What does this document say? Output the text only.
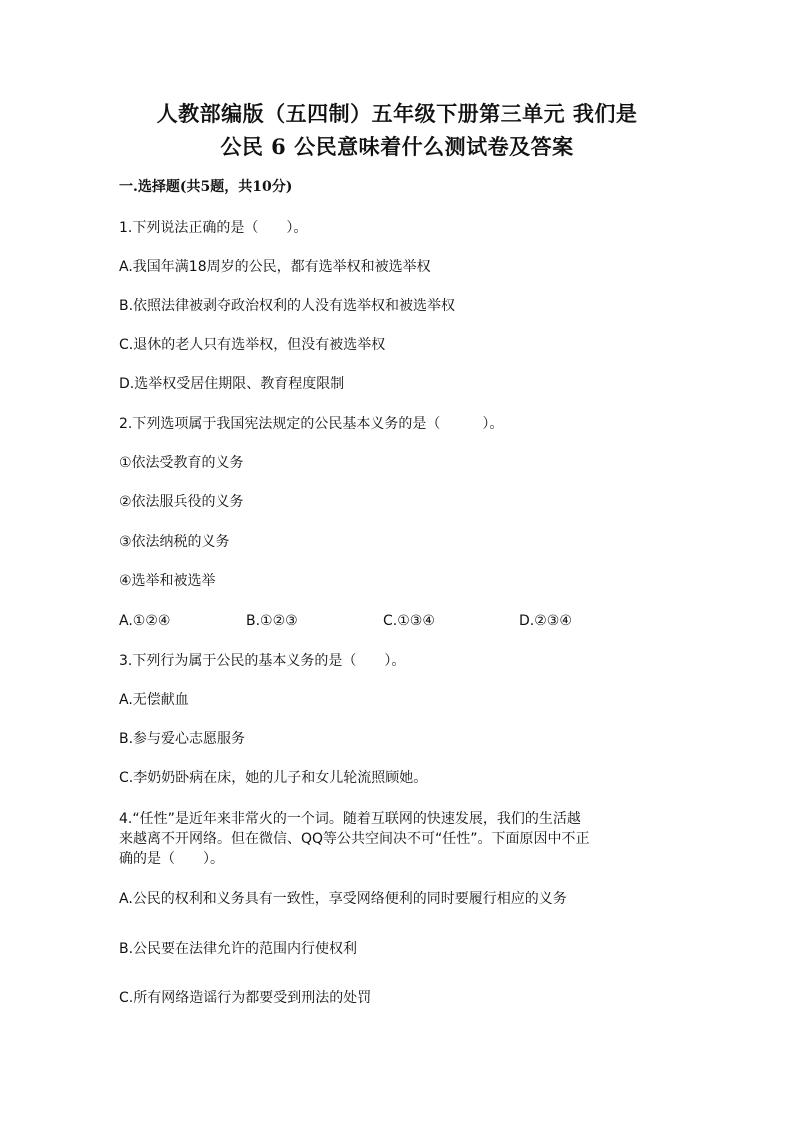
人教部编版（五四制）五年级下册第三单元 我们是
公民 6 公民意味着什么测试卷及答案
一.选择题(共5题，共10分)
1.下列说法正确的是（　　）。
A.我国年满18周岁的公民，都有选举权和被选举权
B.依照法律被剥夺政治权利的人没有选举权和被选举权
C.退休的老人只有选举权，但没有被选举权
D.选举权受居住期限、教育程度限制
2.下列选项属于我国宪法规定的公民基本义务的是（　　　）。
①依法受教育的义务
②依法服兵役的义务
③依法纳税的义务
④选举和被选举
A.①②④	B.①②③	C.①③④	D.②③④
3.下列行为属于公民的基本义务的是（　　）。
A.无偿献血
B.参与爱心志愿服务
C.李奶奶卧病在床，她的儿子和女儿轮流照顾她。
4.“任性”是近年来非常火的一个词。随着互联网的快速发展，我们的生活越
来越离不开网络。但在微信、QQ等公共空间决不可“任性”。下面原因中不正
确的是（　　）。
A.公民的权利和义务具有一致性，享受网络便利的同时要履行相应的义务
B.公民要在法律允许的范围内行使权利
C.所有网络造谣行为都要受到刑法的处罚
